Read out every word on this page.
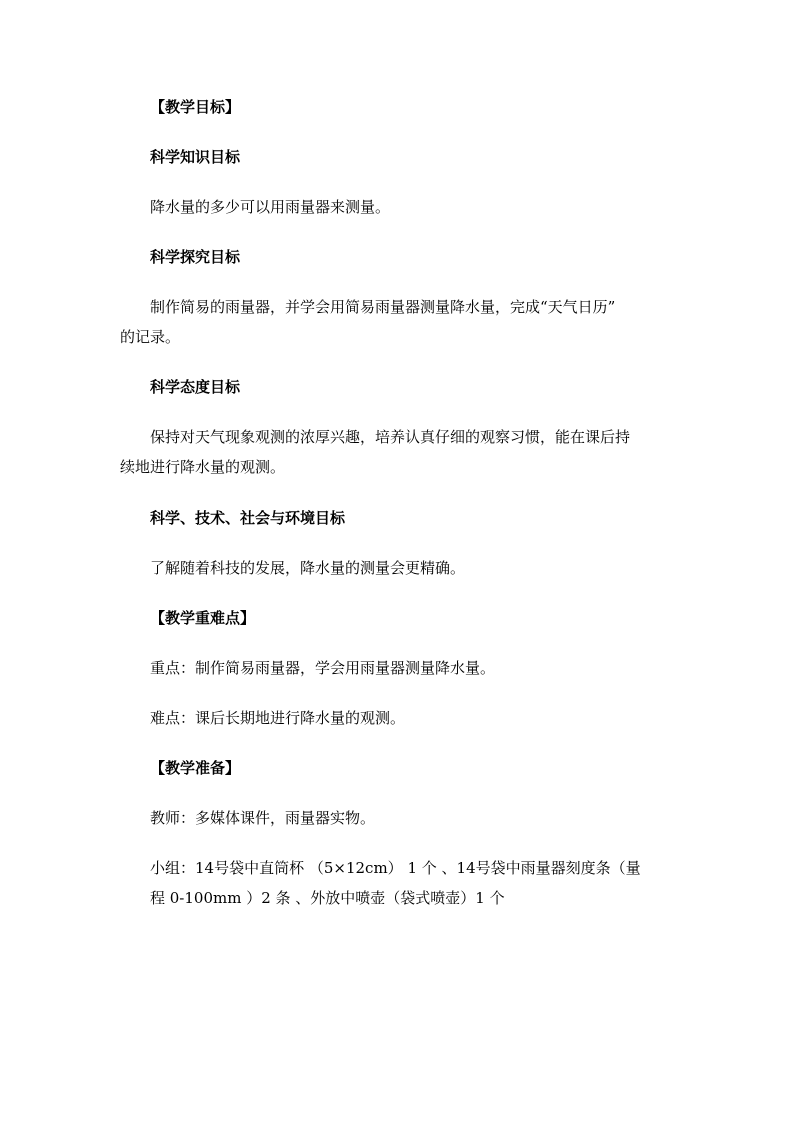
【教学目标】
科学知识目标
降水量的多少可以用雨量器来测量。
科学探究目标
制作简易的雨量器，并学会用简易雨量器测量降水量，完成“天气日历”
的记录。
科学态度目标
保持对天气现象观测的浓厚兴趣，培养认真仔细的观察习惯，能在课后持
续地进行降水量的观测。
科学、技术、社会与环境目标
了解随着科技的发展，降水量的测量会更精确。
【教学重难点】
重点：制作简易雨量器，学会用雨量器测量降水量。
难点：课后长期地进行降水量的观测。
【教学准备】
教师：多媒体课件，雨量器实物。
小组：14号袋中直筒杯 （5×12cm） 1 个 、14号袋中雨量器刻度条（量
程 0-100mm ）2 条 、外放中喷壶（袋式喷壶）1 个
